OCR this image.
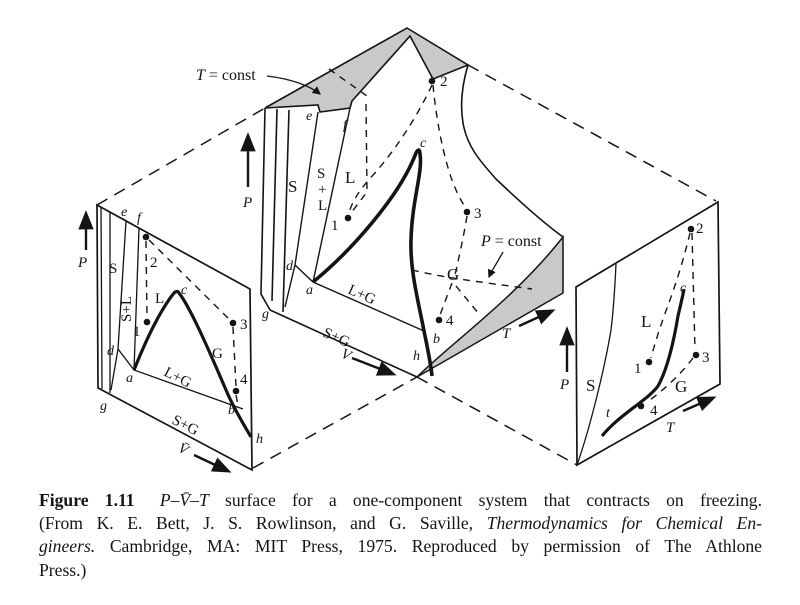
P
V
T
e
f
d
a
g
h
b
c
S
S
+
L
L
G
L+G
S+G
2
1
3
4
T = const
P = const
P
V̄
e f
d
a
g
h
b
c
S
S+L L
G
L+G
S+G
2
1	3
4	P
T
S
L
G
c
t
2
1
3
4
Figure 1.11 P–V̄–T surface for a one-component system that contracts on freezing.
(From K. E. Bett, J. S. Rowlinson, and G. Saville, Thermodynamics for Chemical En-
gineers. Cambridge, MA: MIT Press, 1975. Reproduced by permission of The Athlone
Press.)
